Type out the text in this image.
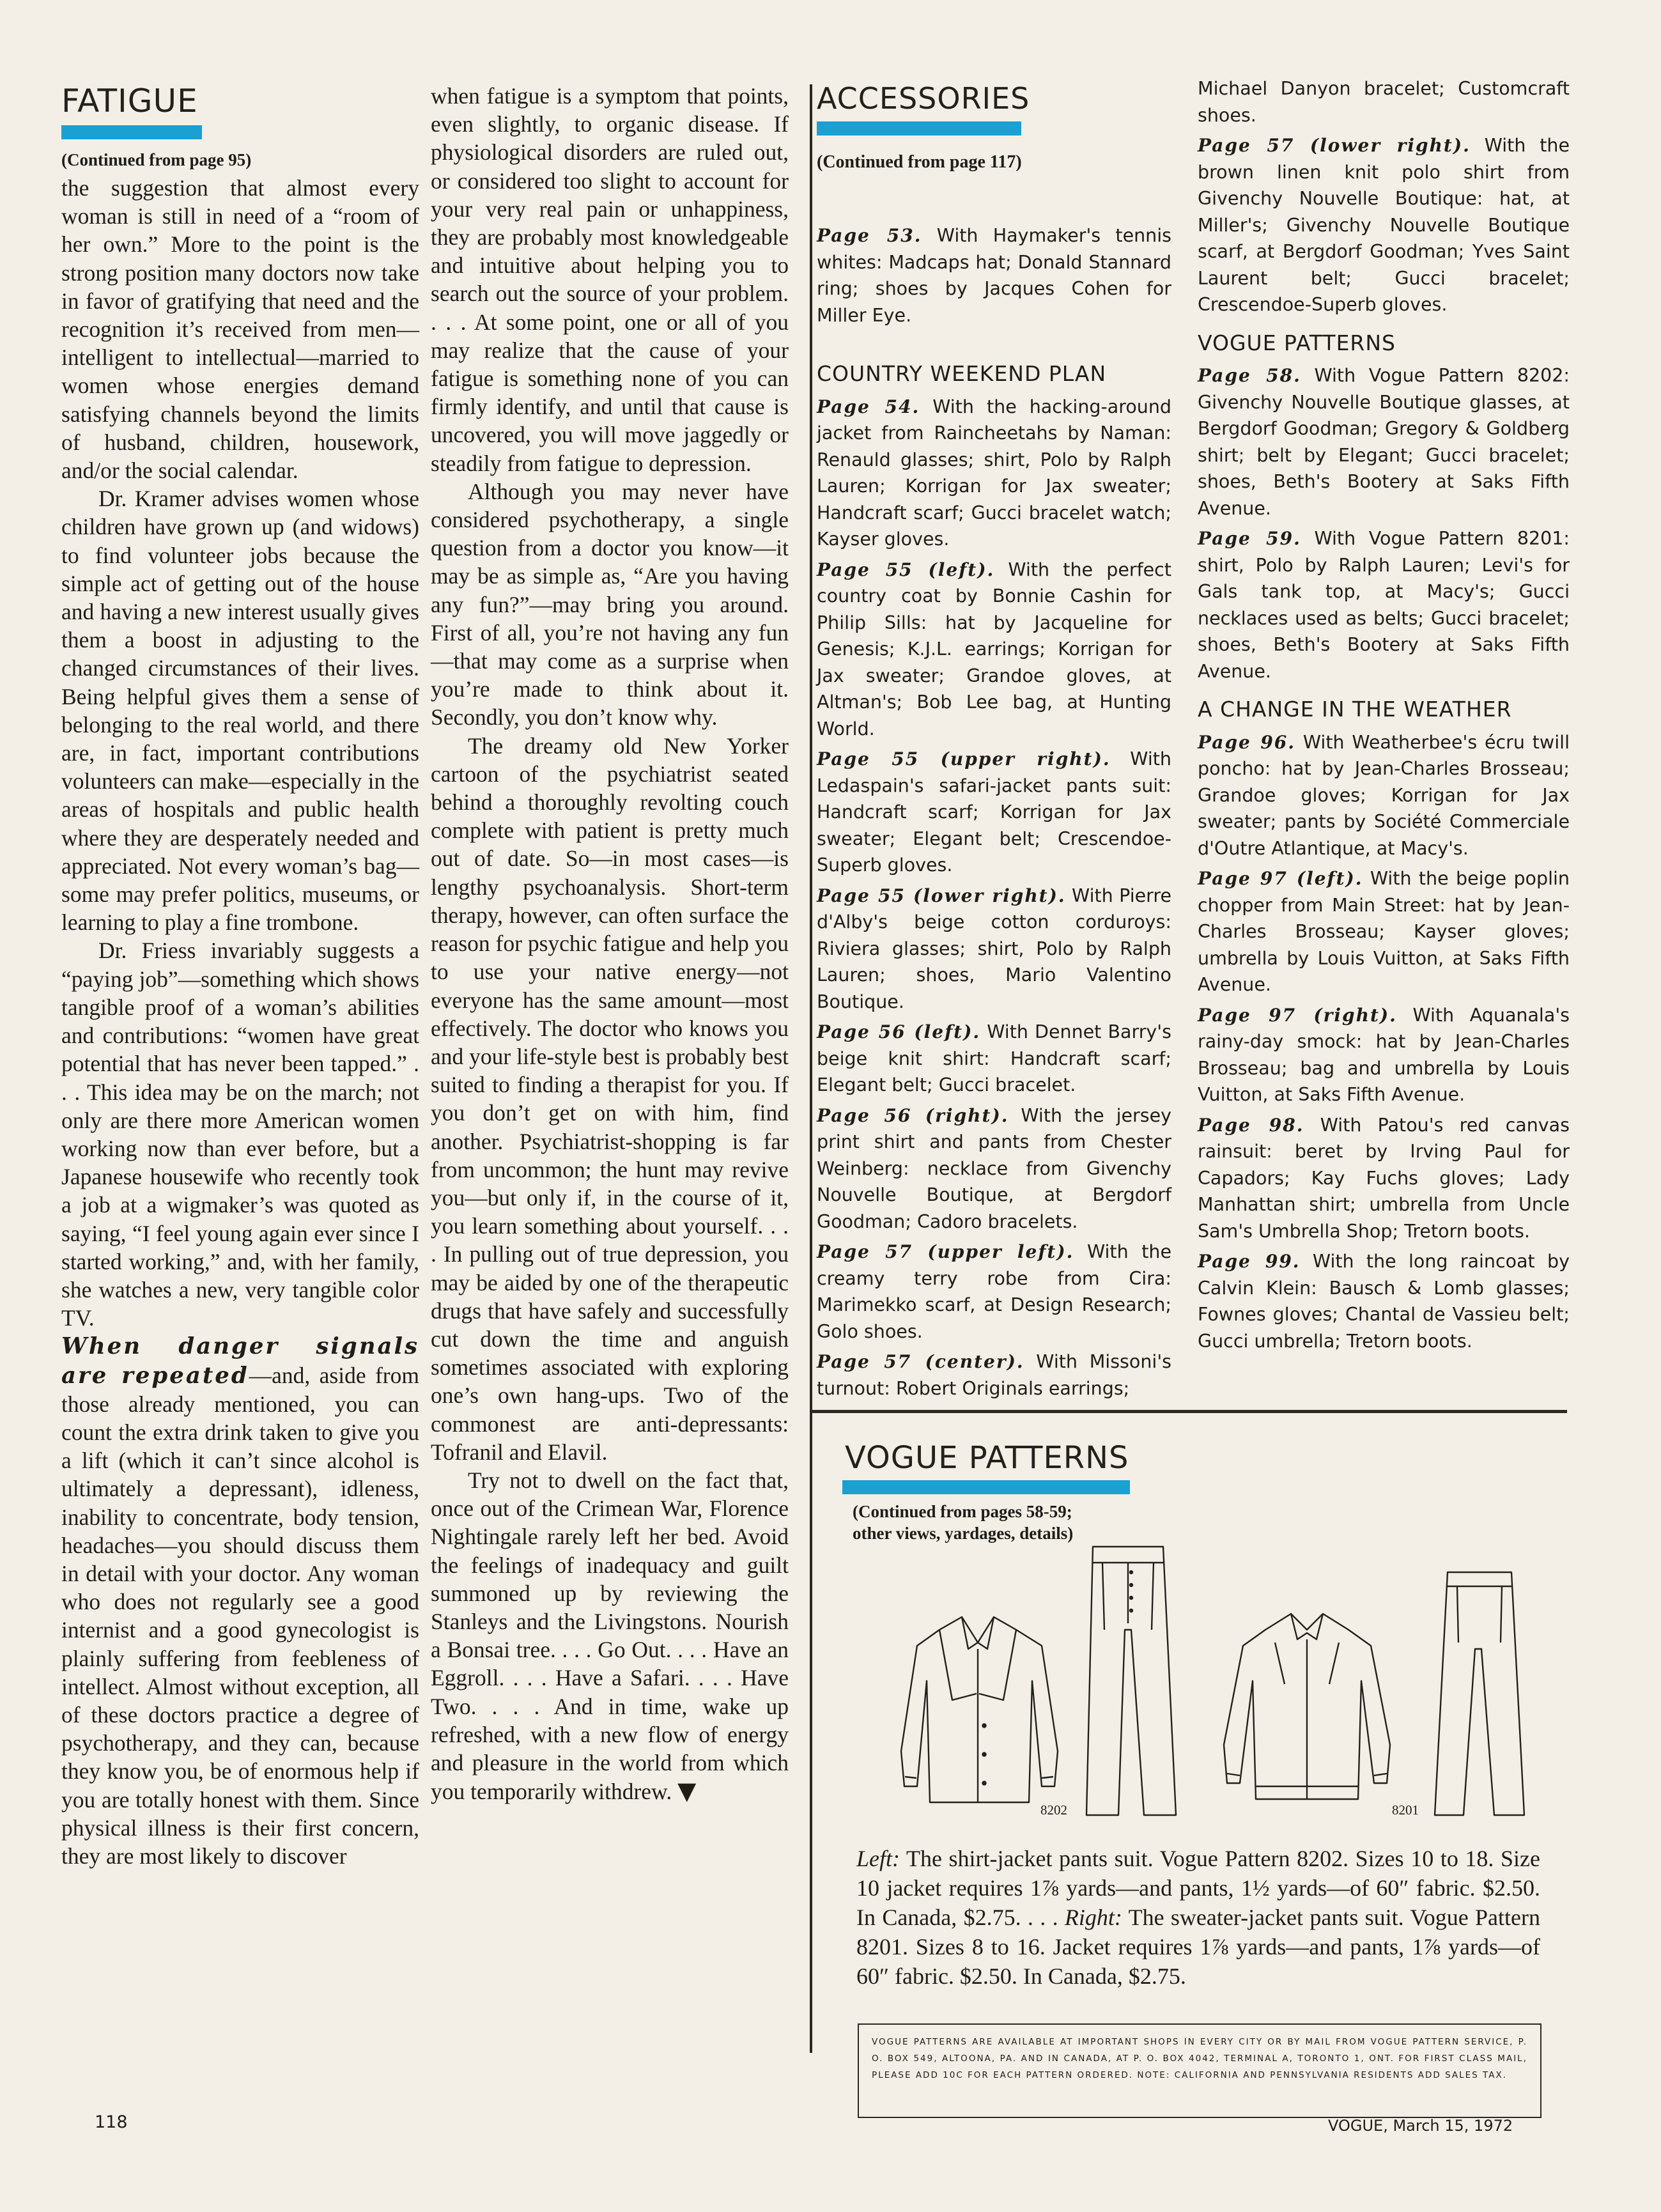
FATIGUE
(Continued from page 95)

the suggestion that almost every woman is still in need of a “room of her own.” More to the point is the strong position many doctors now take in favor of gratifying that need and the recognition it’s received from men—intelligent to intellectual—married to women whose energies demand satisfying channels beyond the limits of husband, children, housework, and/or the social calendar.

Dr. Kramer advises women whose children have grown up (and widows) to find volunteer jobs because the simple act of getting out of the house and having a new interest usually gives them a boost in adjusting to the changed circumstances of their lives. Being helpful gives them a sense of belonging to the real world, and there are, in fact, important contributions volunteers can make—especially in the areas of hospitals and public health where they are desperately needed and appreciated. Not every woman’s bag—some may prefer politics, museums, or learning to play a fine trombone.

Dr. Friess invariably suggests a “paying job”—something which shows tangible proof of a woman’s abilities and contributions: “women have great potential that has never been tapped.” . . . This idea may be on the march; not only are there more American women working now than ever before, but a Japanese housewife who recently took a job at a wigmaker’s was quoted as saying, “I feel young again ever since I started working,” and, with her family, she watches a new, very tangible color TV.

When danger signals are repeated—and, aside from those already mentioned, you can count the extra drink taken to give you a lift (which it can’t since alcohol is ultimately a depressant), idleness, inability to concentrate, body tension, headaches—you should discuss them in detail with your doctor. Any woman who does not regularly see a good internist and a good gynecologist is plainly suffering from feebleness of intellect. Almost without exception, all of these doctors practice a degree of psychotherapy, and they can, because they know you, be of enormous help if you are totally honest with them. Since physical illness is their first concern, they are most likely to discover

when fatigue is a symptom that points, even slightly, to organic disease. If physiological disorders are ruled out, or considered too slight to account for your very real pain or unhappiness, they are probably most knowledgeable and intuitive about helping you to search out the source of your problem. . . . At some point, one or all of you may realize that the cause of your fatigue is something none of you can firmly identify, and until that cause is uncovered, you will move jaggedly or steadily from fatigue to depression.

Although you may never have considered psychotherapy, a single question from a doctor you know—it may be as simple as, “Are you having any fun?”—may bring you around. First of all, you’re not having any fun—that may come as a surprise when you’re made to think about it. Secondly, you don’t know why.

The dreamy old New Yorker cartoon of the psychiatrist seated behind a thoroughly revolting couch complete with patient is pretty much out of date. So—in most cases—is lengthy psychoanalysis. Short-term therapy, however, can often surface the reason for psychic fatigue and help you to use your native energy—not everyone has the same amount—most effectively. The doctor who knows you and your life-style best is probably best suited to finding a therapist for you. If you don’t get on with him, find another. Psychiatrist-shopping is far from uncommon; the hunt may revive you—but only if, in the course of it, you learn something about yourself. . . . In pulling out of true depression, you may be aided by one of the therapeutic drugs that have safely and successfully cut down the time and anguish sometimes associated with exploring one’s own hang-ups. Two of the commonest are anti-depressants: Tofranil and Elavil.

Try not to dwell on the fact that, once out of the Crimean War, Florence Nightingale rarely left her bed. Avoid the feelings of inadequacy and guilt summoned up by reviewing the Stanleys and the Livingstons. Nourish a Bonsai tree. . . . Go Out. . . . Have an Eggroll. . . . Have a Safari. . . . Have Two. . . . And in time, wake up refreshed, with a new flow of energy and pleasure in the world from which you temporarily withdrew. ▼

ACCESSORIES
(Continued from page 117)

Page 53. With Haymaker's tennis whites: Madcaps hat; Donald Stannard ring; shoes by Jacques Cohen for Miller Eye.

COUNTRY WEEKEND PLAN

Page 54. With the hacking-around jacket from Raincheetahs by Naman: Renauld glasses; shirt, Polo by Ralph Lauren; Korrigan for Jax sweater; Handcraft scarf; Gucci bracelet watch; Kayser gloves.

Page 55 (left). With the perfect country coat by Bonnie Cashin for Philip Sills: hat by Jacqueline for Genesis; K.J.L. earrings; Korrigan for Jax sweater; Grandoe gloves, at Altman's; Bob Lee bag, at Hunting World.

Page 55 (upper right). With Ledaspain's safari-jacket pants suit: Handcraft scarf; Korrigan for Jax sweater; Elegant belt; Crescendoe-Superb gloves.

Page 55 (lower right). With Pierre d'Alby's beige cotton corduroys: Riviera glasses; shirt, Polo by Ralph Lauren; shoes, Mario Valentino Boutique.

Page 56 (left). With Dennet Barry's beige knit shirt: Handcraft scarf; Elegant belt; Gucci bracelet.

Page 56 (right). With the jersey print shirt and pants from Chester Weinberg: necklace from Givenchy Nouvelle Boutique, at Bergdorf Goodman; Cadoro bracelets.

Page 57 (upper left). With the creamy terry robe from Cira: Marimekko scarf, at Design Research; Golo shoes.

Page 57 (center). With Missoni's turnout: Robert Originals earrings;

Michael Danyon bracelet; Customcraft shoes.

Page 57 (lower right). With the brown linen knit polo shirt from Givenchy Nouvelle Boutique: hat, at Miller's; Givenchy Nouvelle Boutique scarf, at Bergdorf Goodman; Yves Saint Laurent belt; Gucci bracelet; Crescendoe-Superb gloves.

VOGUE PATTERNS

Page 58. With Vogue Pattern 8202: Givenchy Nouvelle Boutique glasses, at Bergdorf Goodman; Gregory & Goldberg shirt; belt by Elegant; Gucci bracelet; shoes, Beth's Bootery at Saks Fifth Avenue.

Page 59. With Vogue Pattern 8201: shirt, Polo by Ralph Lauren; Levi's for Gals tank top, at Macy's; Gucci necklaces used as belts; Gucci bracelet; shoes, Beth's Bootery at Saks Fifth Avenue.

A CHANGE IN THE WEATHER

Page 96. With Weatherbee's écru twill poncho: hat by Jean-Charles Brosseau; Grandoe gloves; Korrigan for Jax sweater; pants by Société Commerciale d'Outre Atlantique, at Macy's.

Page 97 (left). With the beige poplin chopper from Main Street: hat by Jean-Charles Brosseau; Kayser gloves; umbrella by Louis Vuitton, at Saks Fifth Avenue.

Page 97 (right). With Aquanala's rainy-day smock: hat by Jean-Charles Brosseau; bag and umbrella by Louis Vuitton, at Saks Fifth Avenue.

Page 98. With Patou's red canvas rainsuit: beret by Irving Paul for Capadors; Kay Fuchs gloves; Lady Manhattan shirt; umbrella from Uncle Sam's Umbrella Shop; Tretorn boots.

Page 99. With the long raincoat by Calvin Klein: Bausch & Lomb glasses; Fownes gloves; Chantal de Vassieu belt; Gucci umbrella; Tretorn boots.

VOGUE PATTERNS
(Continued from pages 58-59;
other views, yardages, details)
8202	8201
Left: The shirt-jacket pants suit. Vogue Pattern 8202. Sizes 10 to 18. Size 10 jacket requires 1⅞ yards—and pants, 1½ yards—of 60″ fabric. $2.50. In Canada, $2.75. . . . Right: The sweater-jacket pants suit. Vogue Pattern 8201. Sizes 8 to 16. Jacket requires 1⅞ yards—and pants, 1⅞ yards—of 60″ fabric. $2.50. In Canada, $2.75.
VOGUE PATTERNS ARE AVAILABLE AT IMPORTANT SHOPS IN EVERY CITY OR BY MAIL FROM VOGUE PATTERN SERVICE, P. O. BOX 549, ALTOONA, PA. AND IN CANADA, AT P. O. BOX 4042, TERMINAL A, TORONTO 1, ONT. FOR FIRST CLASS MAIL, PLEASE ADD 10C FOR EACH PATTERN ORDERED. NOTE: CALIFORNIA AND PENNSYLVANIA RESIDENTS ADD SALES TAX.
118	VOGUE, March 15, 1972
